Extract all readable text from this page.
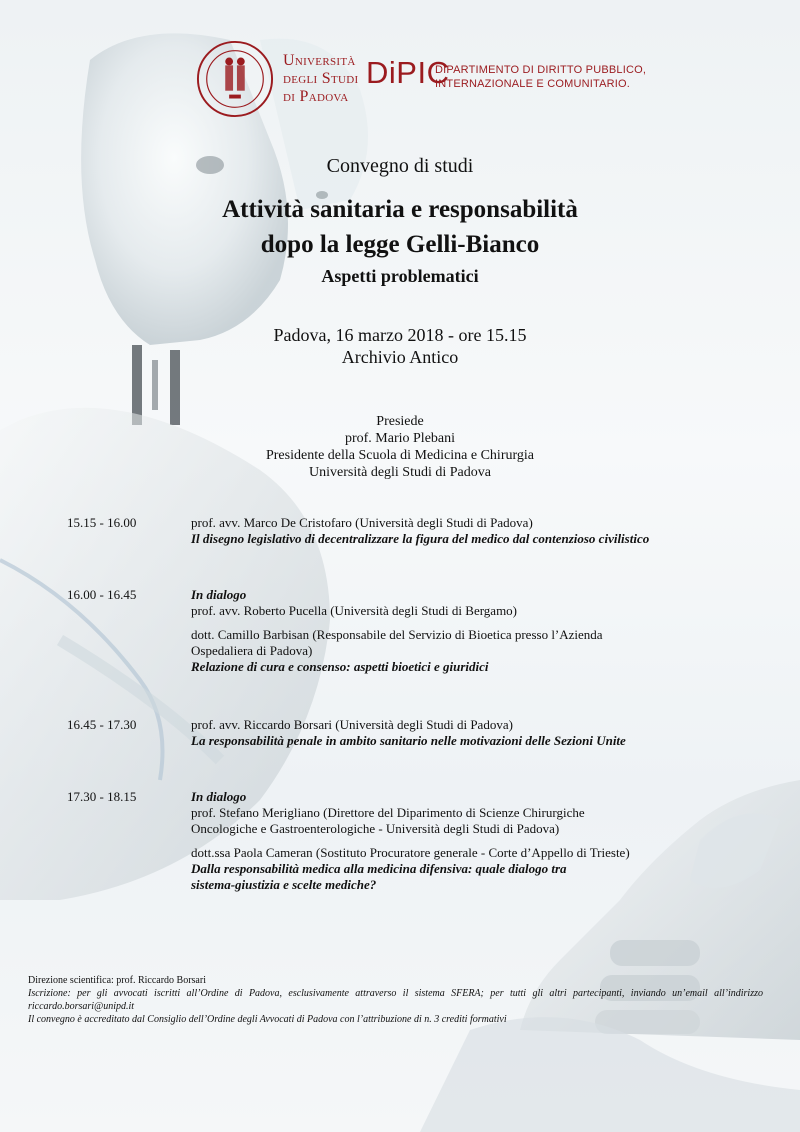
Università
degli Studi
di Padova
DiPIC
DIPARTIMENTO DI DIRITTO PUBBLICO,
INTERNAZIONALE E COMUNITARIO.
Convegno di studi
Attività sanitaria e responsabilità
dopo la legge Gelli-Bianco
Aspetti problematici
Padova, 16 marzo 2018 - ore 15.15
Archivio Antico
Presiede
prof. Mario Plebani
Presidente della Scuola di Medicina e Chirurgia
Università degli Studi di Padova
15.15 - 16.00	prof. avv. Marco De Cristofaro (Università degli Studi di Padova)
Il disegno legislativo di decentralizzare la figura del medico dal contenzioso civilistico
16.00 - 16.45	In dialogo
prof. avv. Roberto Pucella (Università degli Studi di Bergamo)
dott. Camillo Barbisan (Responsabile del Servizio di Bioetica presso l’Azienda
Ospedaliera di Padova)
Relazione di cura e consenso: aspetti bioetici e giuridici
16.45 - 17.30	prof. avv. Riccardo Borsari (Università degli Studi di Padova)
La responsabilità penale in ambito sanitario nelle motivazioni delle Sezioni Unite
17.30 - 18.15	In dialogo
prof. Stefano Merigliano (Direttore del Diparimento di Scienze Chirurgiche
Oncologiche e Gastroenterologiche - Università degli Studi di Padova)
dott.ssa Paola Cameran (Sostituto Procuratore generale - Corte d’Appello di Trieste)
Dalla responsabilità medica alla medicina difensiva: quale dialogo tra
sistema-giustizia e scelte mediche?
Direzione scientifica: prof. Riccardo Borsari
Iscrizione: per gli avvocati iscritti all’Ordine di Padova, esclusivamente attraverso il sistema SFERA; per tutti gli altri partecipanti, inviando un’email all’indirizzo riccardo.borsari@unipd.it
Il convegno è accreditato dal Consiglio dell’Ordine degli Avvocati di Padova con l’attribuzione di n. 3 crediti formativi
